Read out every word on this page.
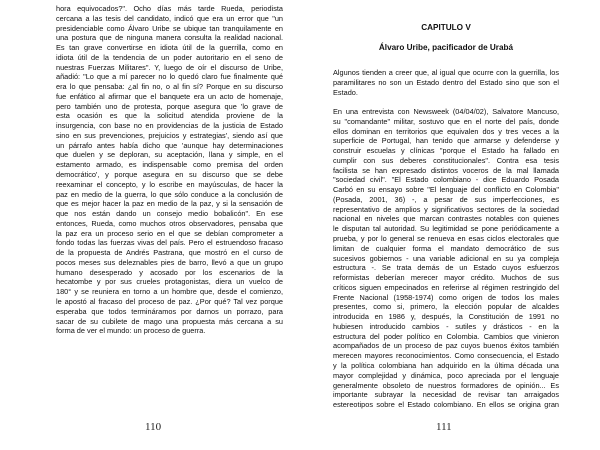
hora equivocados?". Ocho días más tarde Rueda, periodista
cercana a las tesis del candidato, indicó que era un error que "un
presidenciable como Álvaro Uribe se ubique tan tranquilamente en
una postura que de ninguna manera consulta la realidad nacional.
Es tan grave convertirse en idiota útil de la guerrilla, como en
idiota útil de la tendencia de un poder autoritario en el seno de
nuestras Fuerzas Militares". Y, luego de oír el discurso de Uribe,
añadió: "Lo que a mí parecer no lo quedó claro fue finalmente qué
era lo que pensaba: ¿al fin no, o al fin sí? Porque en su discurso
fue enfático al afirmar que el banquete era un acto de homenaje,
pero también uno de protesta, porque asegura que 'lo grave de
esta ocasión es que la solicitud atendida proviene de la
insurgencia, con base no en providencias de la justicia de Estado
sino en sus prevenciones, prejuicios y estrategias', siendo así que
un párrafo antes había dicho que 'aunque hay determinaciones
que duelen y se deploran, su aceptación, llana y simple, en el
estamento armado, es indispensable como premisa del orden
democrático', y porque asegura en su discurso que se debe
reexaminar el concepto, y lo escribe en mayúsculas, de hacer la
paz en medio de la guerra, lo que sólo conduce a la conclusión de
que es mejor hacer la paz en medio de la paz, y si la sensación de
que nos están dando un consejo medio bobalicón". En ese
entonces, Rueda, como muchos otros observadores, pensaba que
la paz era un proceso serio en el que se debían comprometer a
fondo todas las fuerzas vivas del país. Pero el estruendoso fracaso
de la propuesta de Andrés Pastrana, que mostró en el curso de
pocos meses sus deleznables pies de barro, llevó a que un grupo
humano desesperado y acosado por los escenarios de la
hecatombe y por sus crueles protagonistas, diera un vuelco de
180° y se reuniera en torno a un hombre que, desde el comienzo,
le apostó al fracaso del proceso de paz. ¿Por qué? Tal vez porque
esperaba que todos termináramos por darnos un porrazo, para
sacar de su cubilete de mago una propuesta más cercana a su
forma de ver el mundo: un proceso de guerra.
110
CAPITULO V
Álvaro Uribe, pacificador de Urabá
Algunos tienden a creer que, al igual que ocurre con la guerrilla, los
paramilitares no son un Estado dentro del Estado sino que son el
Estado.
En una entrevista con Newsweek (04/04/02), Salvatore Mancuso,
su "comandante" militar, sostuvo que en el norte del país, donde
ellos dominan en territorios que equivalen dos y tres veces a la
superficie de Portugal, han tenido que armarse y defenderse y
construir escuelas y clínicas "porque el Estado ha fallado en
cumplir con sus deberes constitucionales". Contra esa tesis
facilista se han expresado distintos voceros de la mal llamada
"sociedad civil". "El Estado colombiano - dice Eduardo Posada
Carbó en su ensayo sobre "El lenguaje del conflicto en Colombia"
(Posada, 2001, 36) -, a pesar de sus imperfecciones, es
representativo de amplios y significativos sectores de la sociedad
nacional en niveles que marcan contrastes notables con quienes
le disputan tal autoridad. Su legitimidad se pone periódicamente a
prueba, y por lo general se renueva en esas ciclos electorales que
limitan de cualquier forma el mandato democrático de sus
sucesivos gobiernos - una variable adicional en su ya compleja
estructura -. Se trata demás de un Estado cuyos esfuerzos
reformistas deberían merecer mayor crédito. Muchos de sus
críticos siguen empecinados en referirse al régimen restringido del
Frente Nacional (1958-1974) como origen de todos los males
presentes, como si, primero, la elección popular de alcaldes
introducida en 1986 y, después, la Constitución de 1991 no
hubiesen introducido cambios - sutiles y drásticos - en la
estructura del poder político en Colombia. Cambios que vinieron
acompañados de un proceso de paz cuyos buenos éxitos también
merecen mayores reconocimientos. Como consecuencia, el Estado
y la política colombiana han adquirido en la última década una
mayor complejidad y dinámica, poco apreciada por el lenguaje
generalmente obsoleto de nuestros formadores de opinión... Es
importante subrayar la necesidad de revisar tan arraigados
estereotipos sobre el Estado colombiano. En ellos se origina gran
111
